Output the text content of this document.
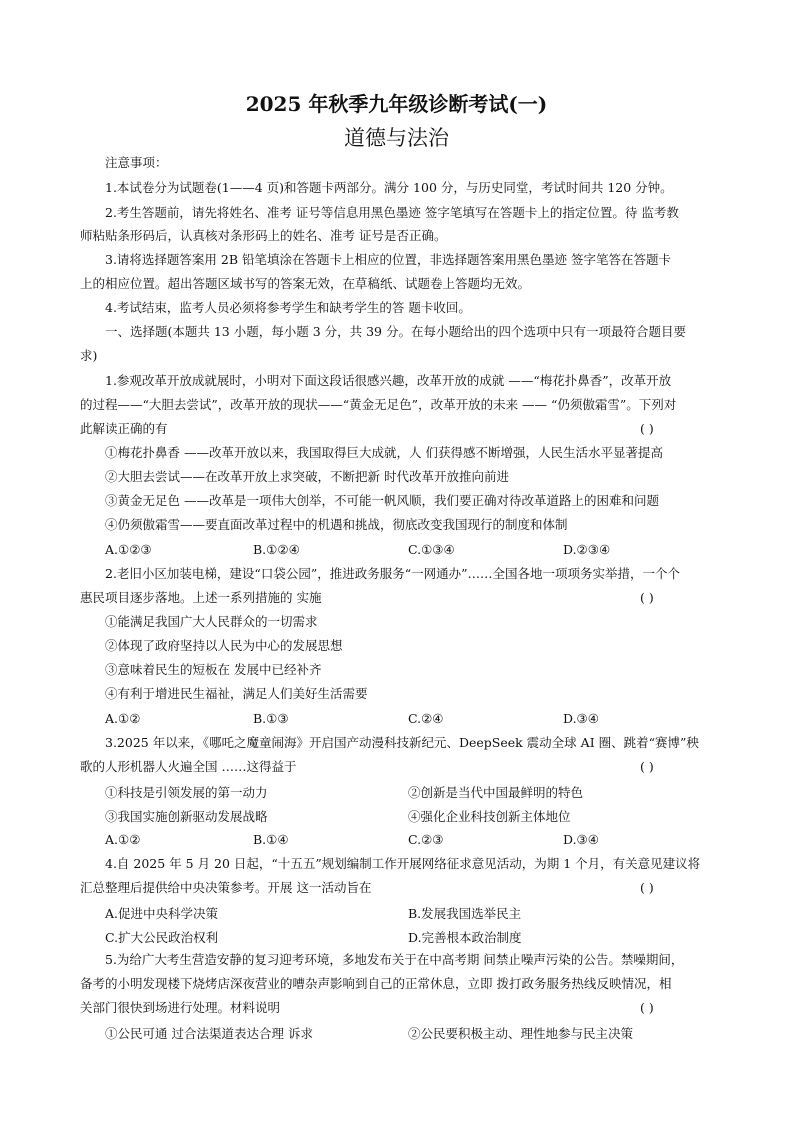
2025 年秋季九年级诊断考试(一)
道德与法治
注意事项：
1.本试卷分为试题卷(1——4 页)和答题卡两部分。满分 100 分，与历史同堂，考试时间共 120 分钟。
2.考生答题前，请先将姓名、准考 证号等信息用黑色墨迹 签字笔填写在答题卡上的指定位置。待 监考教
师粘贴条形码后，认真核对条形码上的姓名、准考 证号是否正确。
3.请将选择题答案用 2B 铅笔填涂在答题卡上相应的位置，非选择题答案用黑色墨迹 签字笔答在答题卡
上的相应位置。超出答题区域书写的答案无效，在草稿纸、试题卷上答题均无效。
4.考试结束，监考人员必须将参考学生和缺考学生的答 题卡收回。
一、选择题(本题共 13 小题，每小题 3 分，共 39 分。在每小题给出的四个选项中只有一项最符合题目要
求)
1.参观改革开放成就展时，小明对下面这段话很感兴趣，改革开放的成就 ——“梅花扑鼻香”，改革开放
的过程——“大胆去尝试”，改革开放的现状——“黄金无足色”，改革开放的未来 —— “仍须傲霜雪”。下列对
此解读正确的有	( )
①梅花扑鼻香 ——改革开放以来，我国取得巨大成就，人 们获得感不断增强，人民生活水平显著提高
②大胆去尝试——在改革开放上求突破，不断把新 时代改革开放推向前进
③黄金无足色 ——改革是一项伟大创举，不可能一帆风顺，我们要正确对待改革道路上的困难和问题
④仍须傲霜雪——要直面改革过程中的机遇和挑战，彻底改变我国现行的制度和体制
A.①②③	B.①②④	C.①③④	D.②③④
2.老旧小区加装电梯，建设“口袋公园”，推进政务服务“一网通办”……全国各地一项项务实举措，一个个
惠民项目逐步落地。上述一系列措施的 实施	( )
①能满足我国广大人民群众的一切需求
②体现了政府坚持以人民为中心的发展思想
③意味着民生的短板在 发展中已经补齐
④有利于增进民生福祉，满足人们美好生活需要
A.①②	B.①③	C.②④	D.③④
3.2025 年以来，《哪吒之魔童闹海》开启国产动漫科技新纪元、DeepSeek 震动全球 AI 圈、跳着“赛博”秧
歌的人形机器人火遍全国 ……这得益于	( )
①科技是引领发展的第一动力	②创新是当代中国最鲜明的特色
③我国实施创新驱动发展战略	④强化企业科技创新主体地位
A.①②	B.①④	C.②③	D.③④
4.自 2025 年 5 月 20 日起，“十五五”规划编制工作开展网络征求意见活动，为期 1 个月，有关意见建议将
汇总整理后提供给中央决策参考。开展 这一活动旨在	( )
A.促进中央科学决策	B.发展我国选举民主
C.扩大公民政治权利	D.完善根本政治制度
5.为给广大考生营造安静的复习迎考环境，多地发布关于在中高考期 间禁止噪声污染的公告。禁噪期间，
备考的小明发现楼下烧烤店深夜营业的嘈杂声影响到自己的正常休息，立即 拨打政务服务热线反映情况，相
关部门很快到场进行处理。材料说明	( )
①公民可通 过合法渠道表达合理 诉求	②公民要积极主动、理性地参与民主决策
